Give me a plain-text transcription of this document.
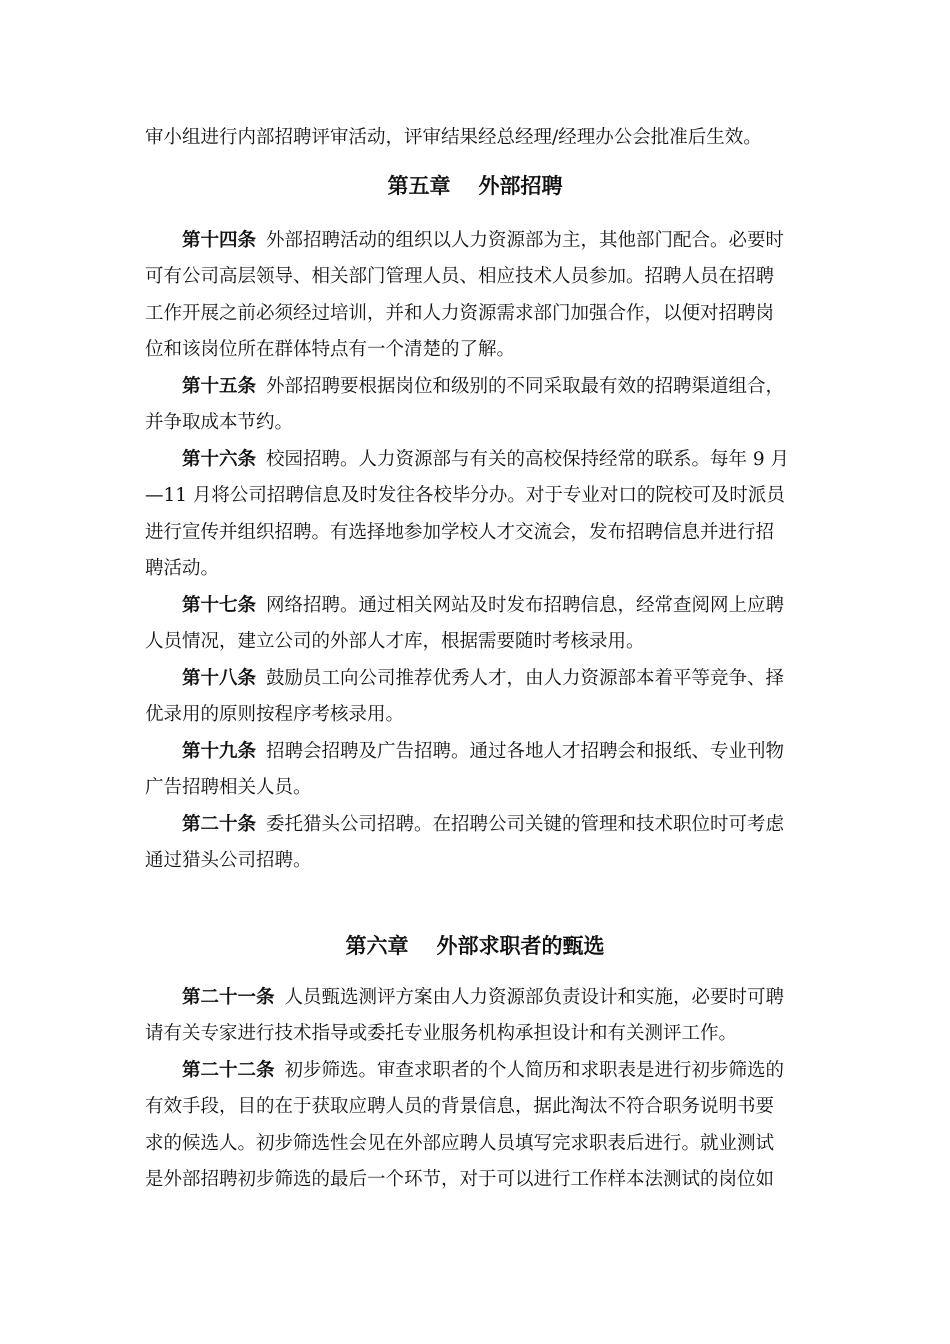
审小组进行内部招聘评审活动，评审结果经总经理/经理办公会批准后生效。
第五章 外部招聘
第十四条 外部招聘活动的组织以人力资源部为主，其他部门配合。必要时
可有公司高层领导、相关部门管理人员、相应技术人员参加。招聘人员在招聘
工作开展之前必须经过培训，并和人力资源需求部门加强合作，以便对招聘岗
位和该岗位所在群体特点有一个清楚的了解。
第十五条 外部招聘要根据岗位和级别的不同采取最有效的招聘渠道组合，
并争取成本节约。
第十六条 校园招聘。人力资源部与有关的高校保持经常的联系。每年 9 月
—11 月将公司招聘信息及时发往各校毕分办。对于专业对口的院校可及时派员
进行宣传并组织招聘。有选择地参加学校人才交流会，发布招聘信息并进行招
聘活动。
第十七条 网络招聘。通过相关网站及时发布招聘信息，经常查阅网上应聘
人员情况，建立公司的外部人才库，根据需要随时考核录用。
第十八条 鼓励员工向公司推荐优秀人才，由人力资源部本着平等竞争、择
优录用的原则按程序考核录用。
第十九条 招聘会招聘及广告招聘。通过各地人才招聘会和报纸、专业刊物
广告招聘相关人员。
第二十条 委托猎头公司招聘。在招聘公司关键的管理和技术职位时可考虑
通过猎头公司招聘。
第六章 外部求职者的甄选
第二十一条 人员甄选测评方案由人力资源部负责设计和实施，必要时可聘
请有关专家进行技术指导或委托专业服务机构承担设计和有关测评工作。
第二十二条 初步筛选。审查求职者的个人简历和求职表是进行初步筛选的
有效手段，目的在于获取应聘人员的背景信息，据此淘汰不符合职务说明书要
求的候选人。初步筛选性会见在外部应聘人员填写完求职表后进行。就业测试
是外部招聘初步筛选的最后一个环节，对于可以进行工作样本法测试的岗位如
